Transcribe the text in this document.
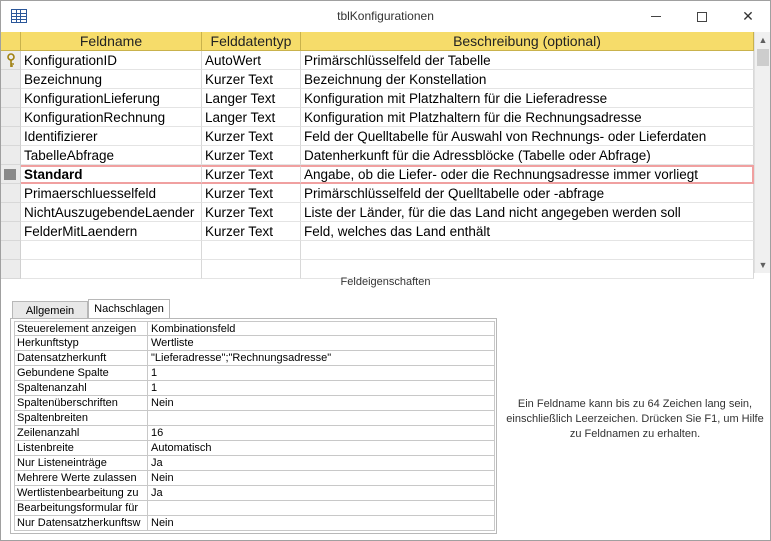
tblKonfigurationen	✕
Feldname	Felddatentyp	Beschreibung (optional)
KonfigurationID	AutoWert	Primärschlüsselfeld der Tabelle
Bezeichnung	Kurzer Text	Bezeichnung der Konstellation
KonfigurationLieferung	Langer Text	Konfiguration mit Platzhaltern für die Lieferadresse
KonfigurationRechnung	Langer Text	Konfiguration mit Platzhaltern für die Rechnungsadresse
Identifizierer	Kurzer Text	Feld der Quelltabelle für Auswahl von Rechnungs- oder Lieferdaten
TabelleAbfrage	Kurzer Text	Datenherkunft für die Adressblöcke (Tabelle oder Abfrage)
Standard	Kurzer Text	Angabe, ob die Liefer- oder die Rechnungsadresse immer vorliegt
Primaerschluesselfeld	Kurzer Text	Primärschlüsselfeld der Quelltabelle oder -abfrage
NichtAuszugebendeLaender Kurzer Text	Liste der Länder, für die das Land nicht angegeben werden soll
FelderMitLaendern	Kurzer Text	Feld, welches das Land enthält
▲
▼
Feldeigenschaften
Allgemein	Nachschlagen
Steuerelement anzeigen	Kombinationsfeld
Herkunftstyp	Wertliste
Datensatzherkunft	"Lieferadresse";"Rechnungsadresse"
Gebundene Spalte	1
Spaltenanzahl	1
Spaltenüberschriften	Nein
Spaltenbreiten
Zeilenanzahl	16
Listenbreite	Automatisch
Nur Listeneinträge	Ja
Mehrere Werte zulassen	Nein
Wertlistenbearbeitung zu	Ja
Bearbeitungsformular für
Nur Datensatzherkunftsw Nein
Ein Feldname kann bis zu 64 Zeichen lang sein, einschließlich Leerzeichen. Drücken Sie F1, um Hilfe zu Feldnamen zu erhalten.
